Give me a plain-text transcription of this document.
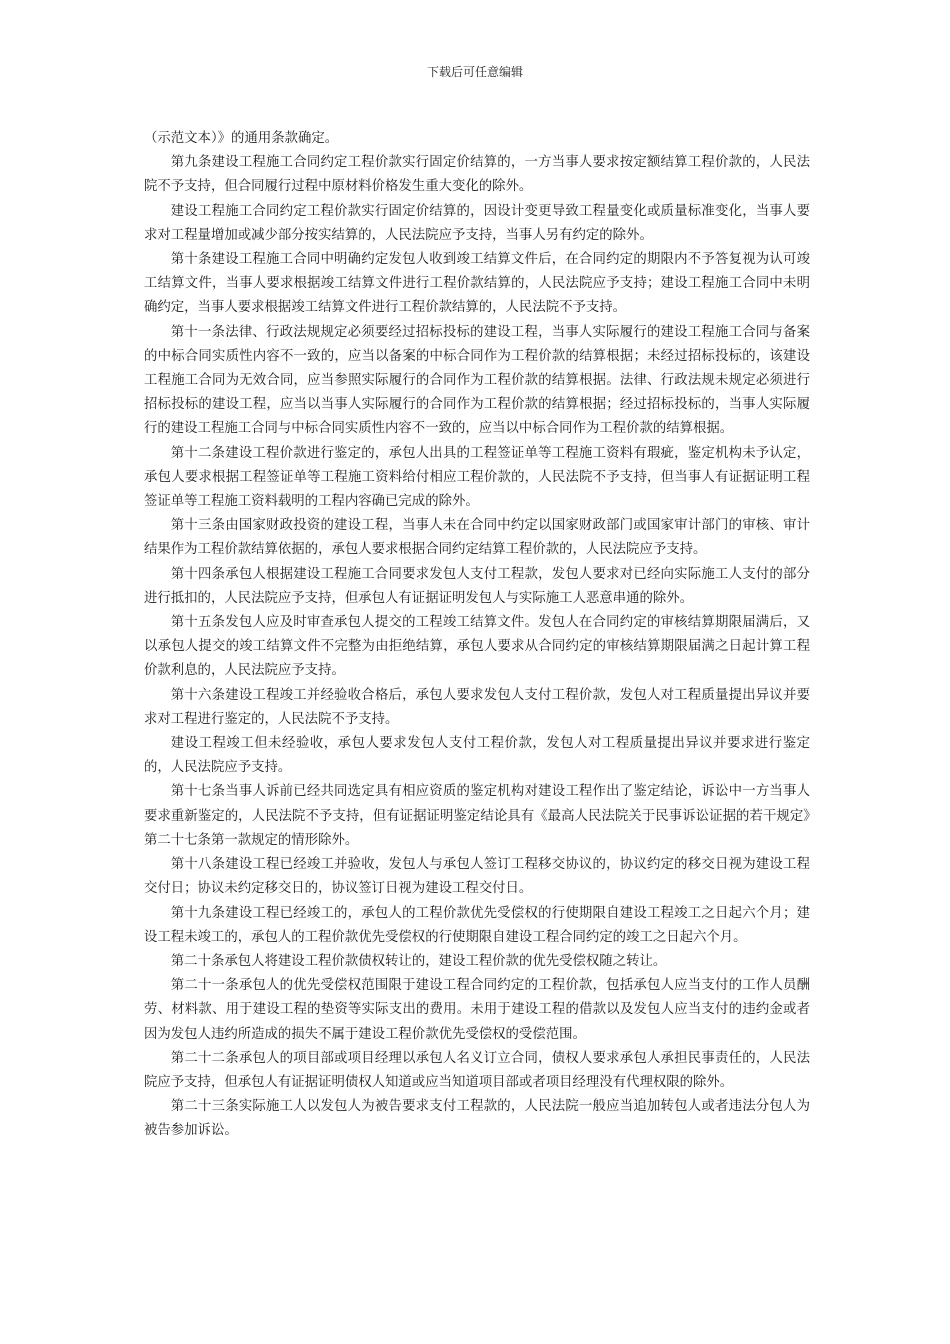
下载后可任意编辑

（示范文本）》的通用条款确定。

第九条建设工程施工合同约定工程价款实行固定价结算的，一方当事人要求按定额结算工程价款的，人民法院不予支持，但合同履行过程中原材料价格发生重大变化的除外。

建设工程施工合同约定工程价款实行固定价结算的，因设计变更导致工程量变化或质量标准变化，当事人要求对工程量增加或减少部分按实结算的，人民法院应予支持，当事人另有约定的除外。

第十条建设工程施工合同中明确约定发包人收到竣工结算文件后，在合同约定的期限内不予答复视为认可竣工结算文件，当事人要求根据竣工结算文件进行工程价款结算的，人民法院应予支持；建设工程施工合同中未明确约定，当事人要求根据竣工结算文件进行工程价款结算的，人民法院不予支持。

第十一条法律、行政法规规定必须要经过招标投标的建设工程，当事人实际履行的建设工程施工合同与备案的中标合同实质性内容不一致的，应当以备案的中标合同作为工程价款的结算根据；未经过招标投标的，该建设工程施工合同为无效合同，应当参照实际履行的合同作为工程价款的结算根据。法律、行政法规未规定必须进行招标投标的建设工程，应当以当事人实际履行的合同作为工程价款的结算根据；经过招标投标的，当事人实际履行的建设工程施工合同与中标合同实质性内容不一致的，应当以中标合同作为工程价款的结算根据。

第十二条建设工程价款进行鉴定的，承包人出具的工程签证单等工程施工资料有瑕疵，鉴定机构未予认定，承包人要求根据工程签证单等工程施工资料给付相应工程价款的，人民法院不予支持，但当事人有证据证明工程签证单等工程施工资料载明的工程内容确已完成的除外。

第十三条由国家财政投资的建设工程，当事人未在合同中约定以国家财政部门或国家审计部门的审核、审计结果作为工程价款结算依据的，承包人要求根据合同约定结算工程价款的，人民法院应予支持。

第十四条承包人根据建设工程施工合同要求发包人支付工程款，发包人要求对已经向实际施工人支付的部分进行抵扣的，人民法院应予支持，但承包人有证据证明发包人与实际施工人恶意串通的除外。

第十五条发包人应及时审查承包人提交的工程竣工结算文件。发包人在合同约定的审核结算期限届满后，又以承包人提交的竣工结算文件不完整为由拒绝结算，承包人要求从合同约定的审核结算期限届满之日起计算工程价款利息的，人民法院应予支持。

第十六条建设工程竣工并经验收合格后，承包人要求发包人支付工程价款，发包人对工程质量提出异议并要求对工程进行鉴定的，人民法院不予支持。

建设工程竣工但未经验收，承包人要求发包人支付工程价款，发包人对工程质量提出异议并要求进行鉴定的，人民法院应予支持。

第十七条当事人诉前已经共同选定具有相应资质的鉴定机构对建设工程作出了鉴定结论，诉讼中一方当事人要求重新鉴定的，人民法院不予支持，但有证据证明鉴定结论具有《最高人民法院关于民事诉讼证据的若干规定》第二十七条第一款规定的情形除外。

第十八条建设工程已经竣工并验收，发包人与承包人签订工程移交协议的，协议约定的移交日视为建设工程交付日；协议未约定移交日的，协议签订日视为建设工程交付日。

第十九条建设工程已经竣工的，承包人的工程价款优先受偿权的行使期限自建设工程竣工之日起六个月；建设工程未竣工的，承包人的工程价款优先受偿权的行使期限自建设工程合同约定的竣工之日起六个月。

第二十条承包人将建设工程价款债权转让的，建设工程价款的优先受偿权随之转让。

第二十一条承包人的优先受偿权范围限于建设工程合同约定的工程价款，包括承包人应当支付的工作人员酬劳、材料款、用于建设工程的垫资等实际支出的费用。未用于建设工程的借款以及发包人应当支付的违约金或者因为发包人违约所造成的损失不属于建设工程价款优先受偿权的受偿范围。

第二十二条承包人的项目部或项目经理以承包人名义订立合同，债权人要求承包人承担民事责任的，人民法院应予支持，但承包人有证据证明债权人知道或应当知道项目部或者项目经理没有代理权限的除外。

第二十三条实际施工人以发包人为被告要求支付工程款的，人民法院一般应当追加转包人或者违法分包人为被告参加诉讼。
